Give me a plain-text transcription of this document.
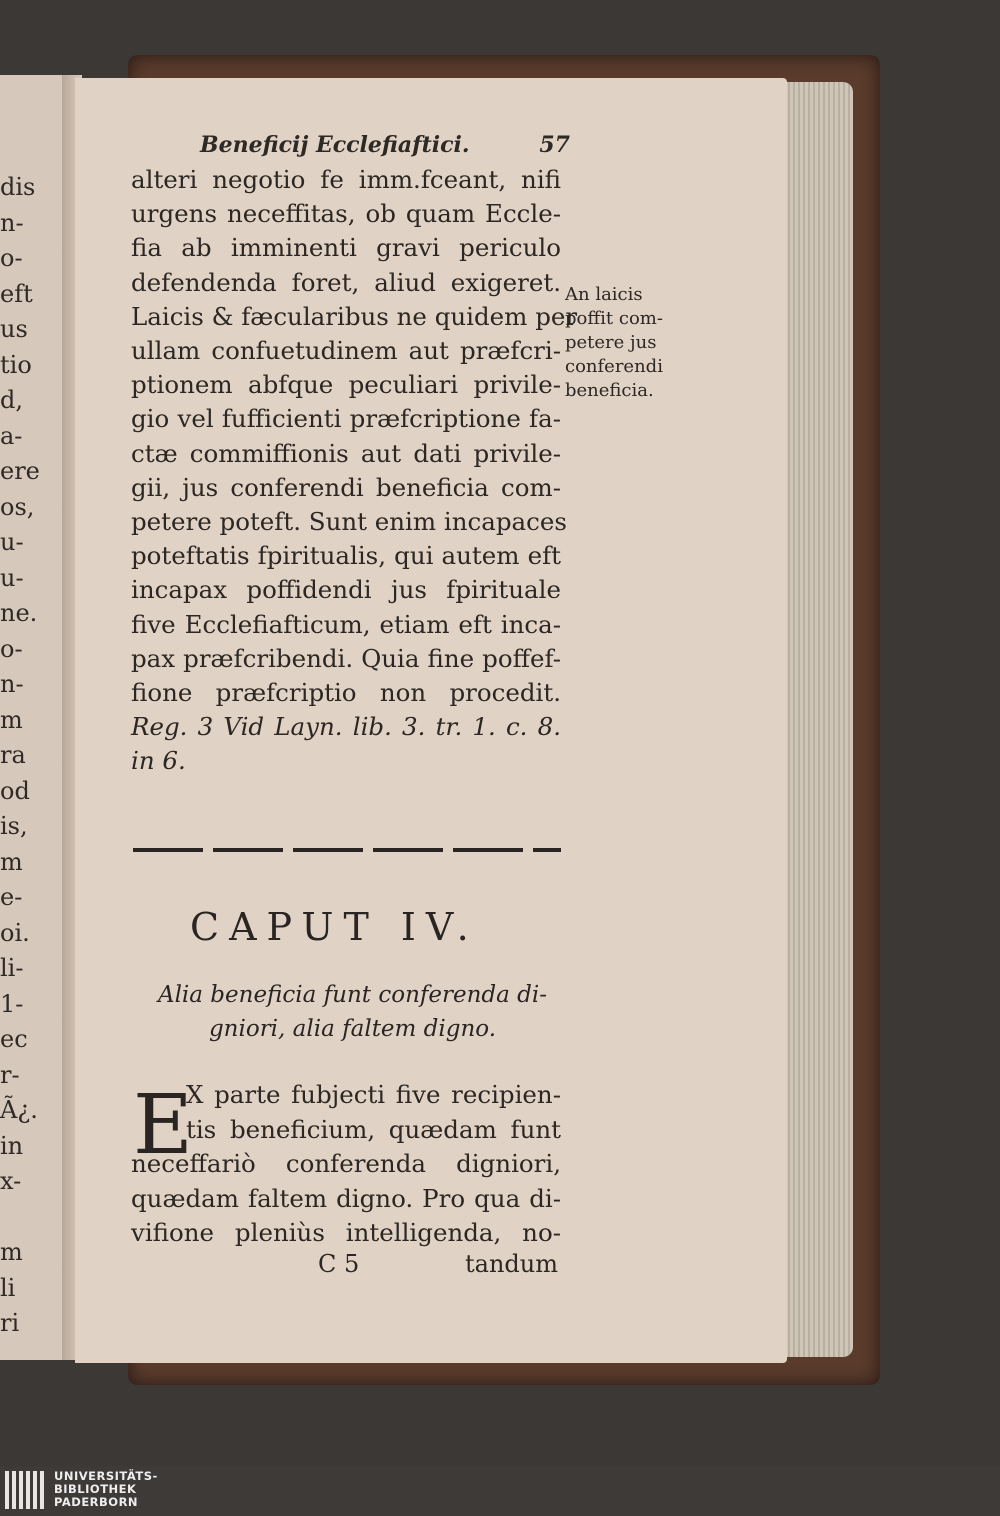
dis
n-
o-
eft
us
tio
d,
a-
ere
os,
u-
u-
ne.
o-
n-
m
ra
od
is,
m
e-
oi.
li-
1-
ec
r-
Ã¿.
in
x-
m
li
ri
Beneficij Ecclefiaftici.	57
alteri negotio fe imm.fceant, nifi
urgens neceffitas, ob quam Eccle-
fia ab imminenti gravi periculo
defendenda foret, aliud exigeret.
Laicis & fæcularibus ne quidem per
ullam confuetudinem aut præfcri-
ptionem abfque peculiari privile-
gio vel fufficienti præfcriptione fa-
ctæ commiffionis aut dati privile-
gii, jus conferendi beneficia com-
petere poteft. Sunt enim incapaces
poteftatis fpiritualis, qui autem eft
incapax poffidendi jus fpirituale
five Ecclefiafticum, etiam eft inca-
pax præfcribendi. Quia fine poffef-
fione præfcriptio non procedit.
Reg. 3 Vid Layn. lib. 3. tr. 1. c. 8.
in 6.
An laicis
poffit com-
petere jus
conferendi
beneficia.
CAPUT IV.
Alia beneficia funt conferenda di-
gniori, alia faltem digno.
E
X parte fubjecti five recipien-
tis beneficium, quædam funt
neceffariò conferenda digniori,
quædam faltem digno. Pro qua di-
vifione pleniùs intelligenda, no-
C 5	tandum
UNIVERSITÄTS-
BIBLIOTHEK
PADERBORN
